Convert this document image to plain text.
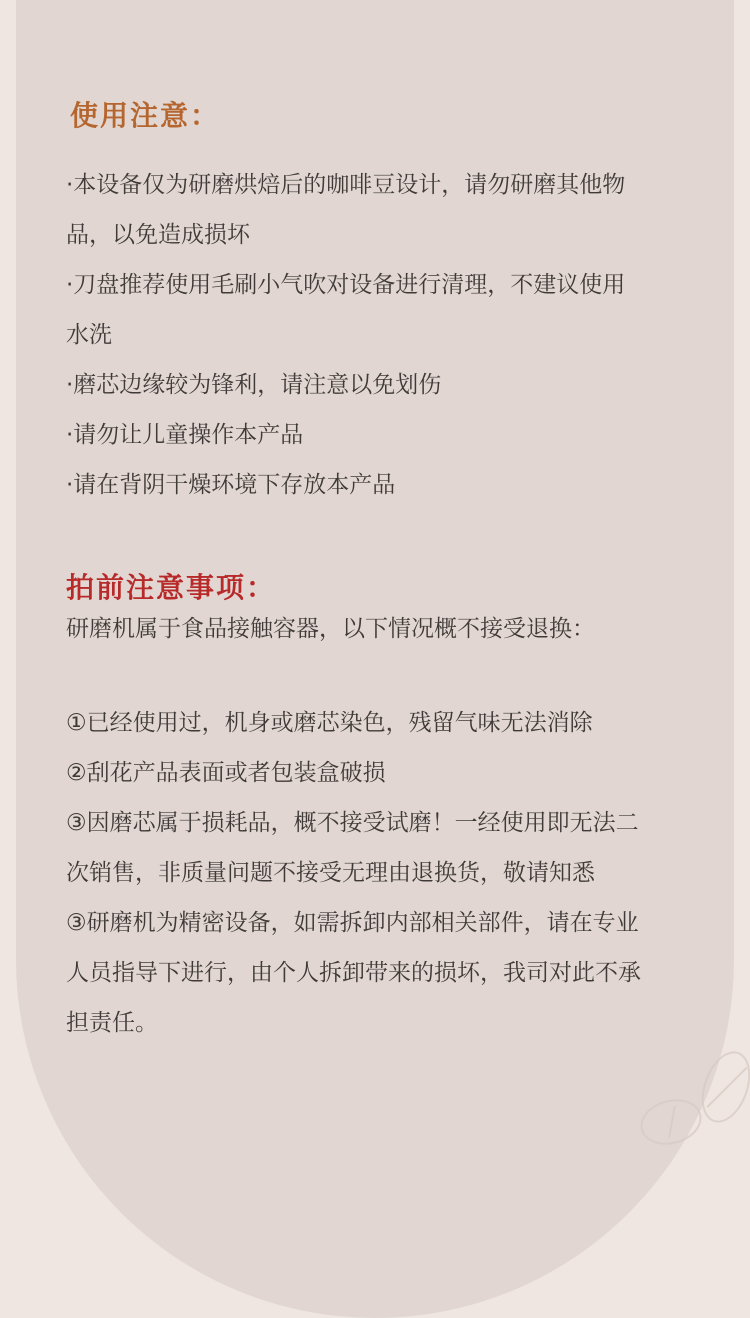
使用注意：
·本设备仅为研磨烘焙后的咖啡豆设计，请勿研磨其他物
品，以免造成损坏
·刀盘推荐使用毛刷小气吹对设备进行清理，不建议使用
水洗
·磨芯边缘较为锋利，请注意以免划伤
·请勿让儿童操作本产品
·请在背阴干燥环境下存放本产品
拍前注意事项：
研磨机属于食品接触容器，以下情况概不接受退换：
①已经使用过，机身或磨芯染色，残留气味无法消除
②刮花产品表面或者包装盒破损
③因磨芯属于损耗品，概不接受试磨！一经使用即无法二
次销售，非质量问题不接受无理由退换货，敬请知悉
③研磨机为精密设备，如需拆卸内部相关部件，请在专业
人员指导下进行，由个人拆卸带来的损坏，我司对此不承
担责任。
